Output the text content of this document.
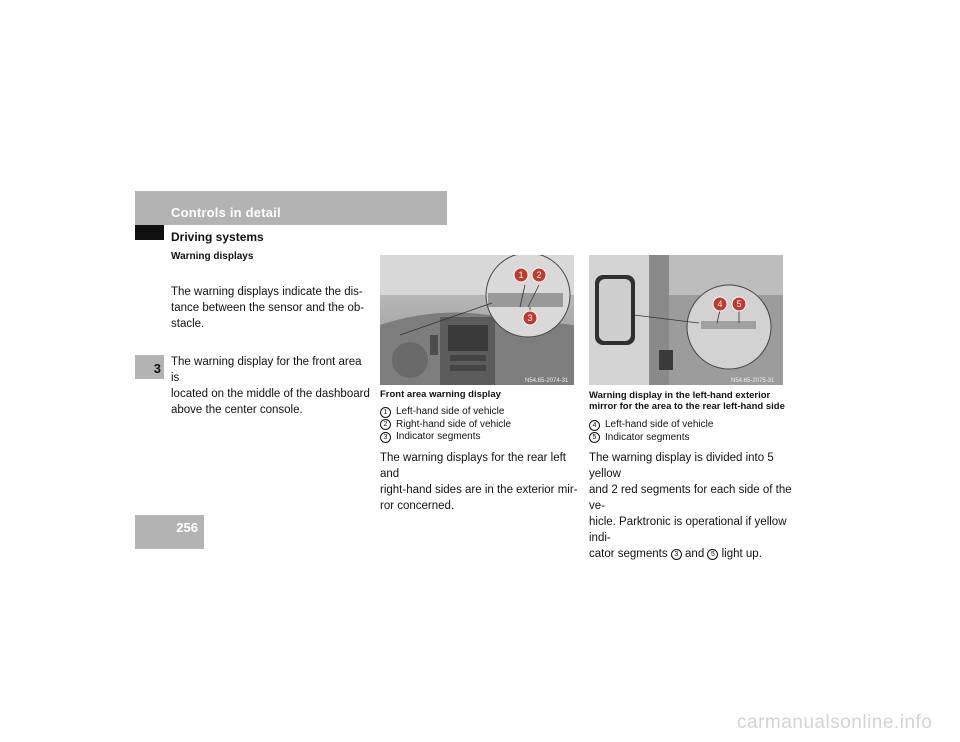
Controls in detail
Driving systems
3
256
Warning displays

The warning displays indicate the dis-
tance between the sensor and the ob-
stacle.

The warning display for the front area is
located on the middle of the dashboard
above the center console.

1 2
3
N54.65-2074-31
Front area warning display
1 Left-hand side of vehicle
2 Right-hand side of vehicle
3 Indicator segments
The warning displays for the rear left and
right-hand sides are in the exterior mir-
ror concerned.
4 5
N54.65-2075-31
Warning display in the left-hand exterior
mirror for the area to the rear left-hand side
4 Left-hand side of vehicle
5 Indicator segments
The warning display is divided into 5 yellow
and 2 red segments for each side of the ve-
hicle. Parktronic is operational if yellow indi-
cator segments 3 and 5 light up.
carmanualsonline.info
